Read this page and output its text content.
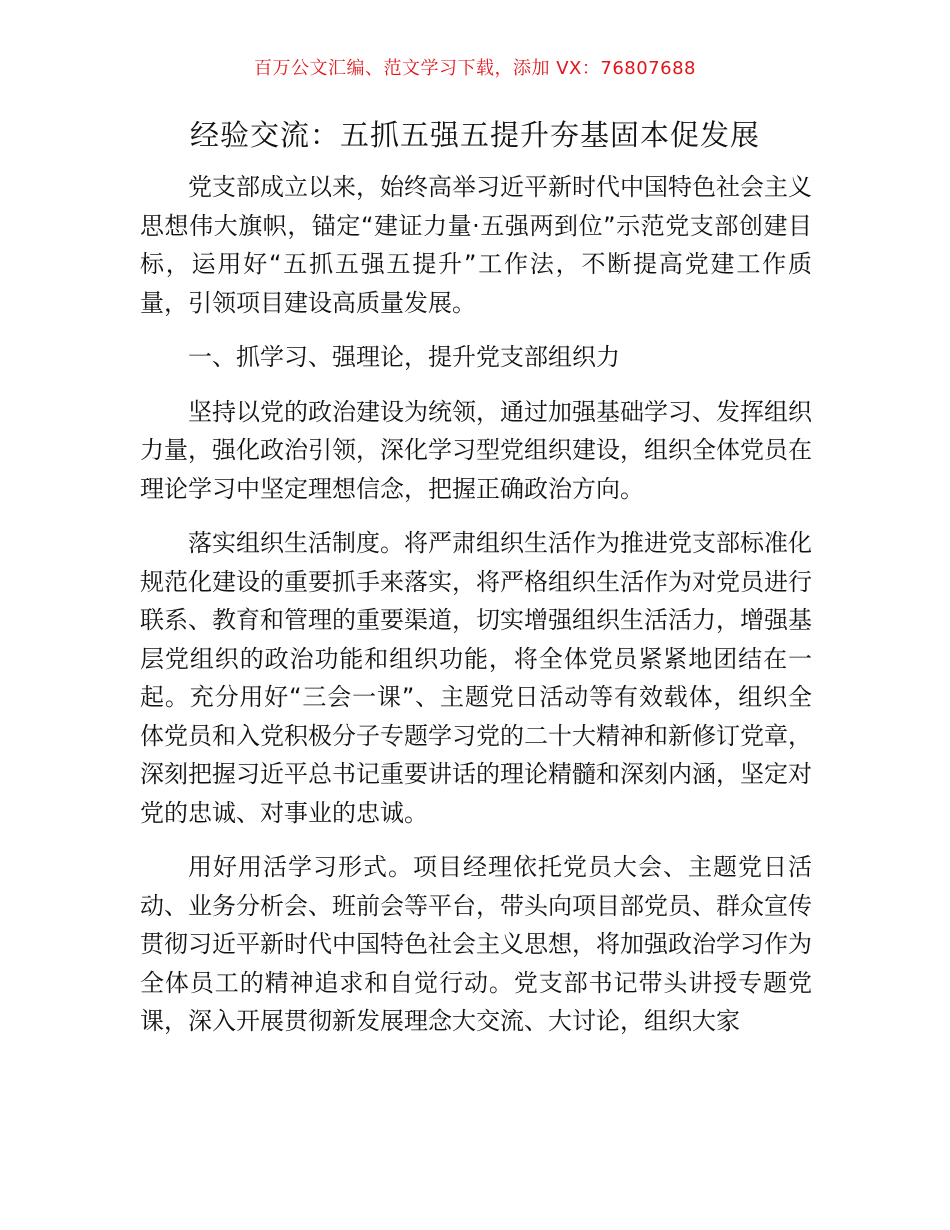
百万公文汇编、范文学习下载，添加 VX：76807688
经验交流：五抓五强五提升夯基固本促发展

党支部成立以来，始终高举习近平新时代中国特色社会主义思想伟大旗帜，锚定“建证力量·五强两到位”示范党支部创建目标，运用好“五抓五强五提升”工作法，不断提高党建工作质量，引领项目建设高质量发展。

一、抓学习、强理论，提升党支部组织力

坚持以党的政治建设为统领，通过加强基础学习、发挥组织力量，强化政治引领，深化学习型党组织建设，组织全体党员在理论学习中坚定理想信念，把握正确政治方向。

落实组织生活制度。将严肃组织生活作为推进党支部标准化规范化建设的重要抓手来落实，将严格组织生活作为对党员进行联系、教育和管理的重要渠道，切实增强组织生活活力，增强基层党组织的政治功能和组织功能，将全体党员紧紧地团结在一起。充分用好“三会一课”、主题党日活动等有效载体，组织全体党员和入党积极分子专题学习党的二十大精神和新修订党章，深刻把握习近平总书记重要讲话的理论精髓和深刻内涵，坚定对党的忠诚、对事业的忠诚。

用好用活学习形式。项目经理依托党员大会、主题党日活动、业务分析会、班前会等平台，带头向项目部党员、群众宣传贯彻习近平新时代中国特色社会主义思想，将加强政治学习作为全体员工的精神追求和自觉行动。党支部书记带头讲授专题党课，深入开展贯彻新发展理念大交流、大讨论，组织大家
